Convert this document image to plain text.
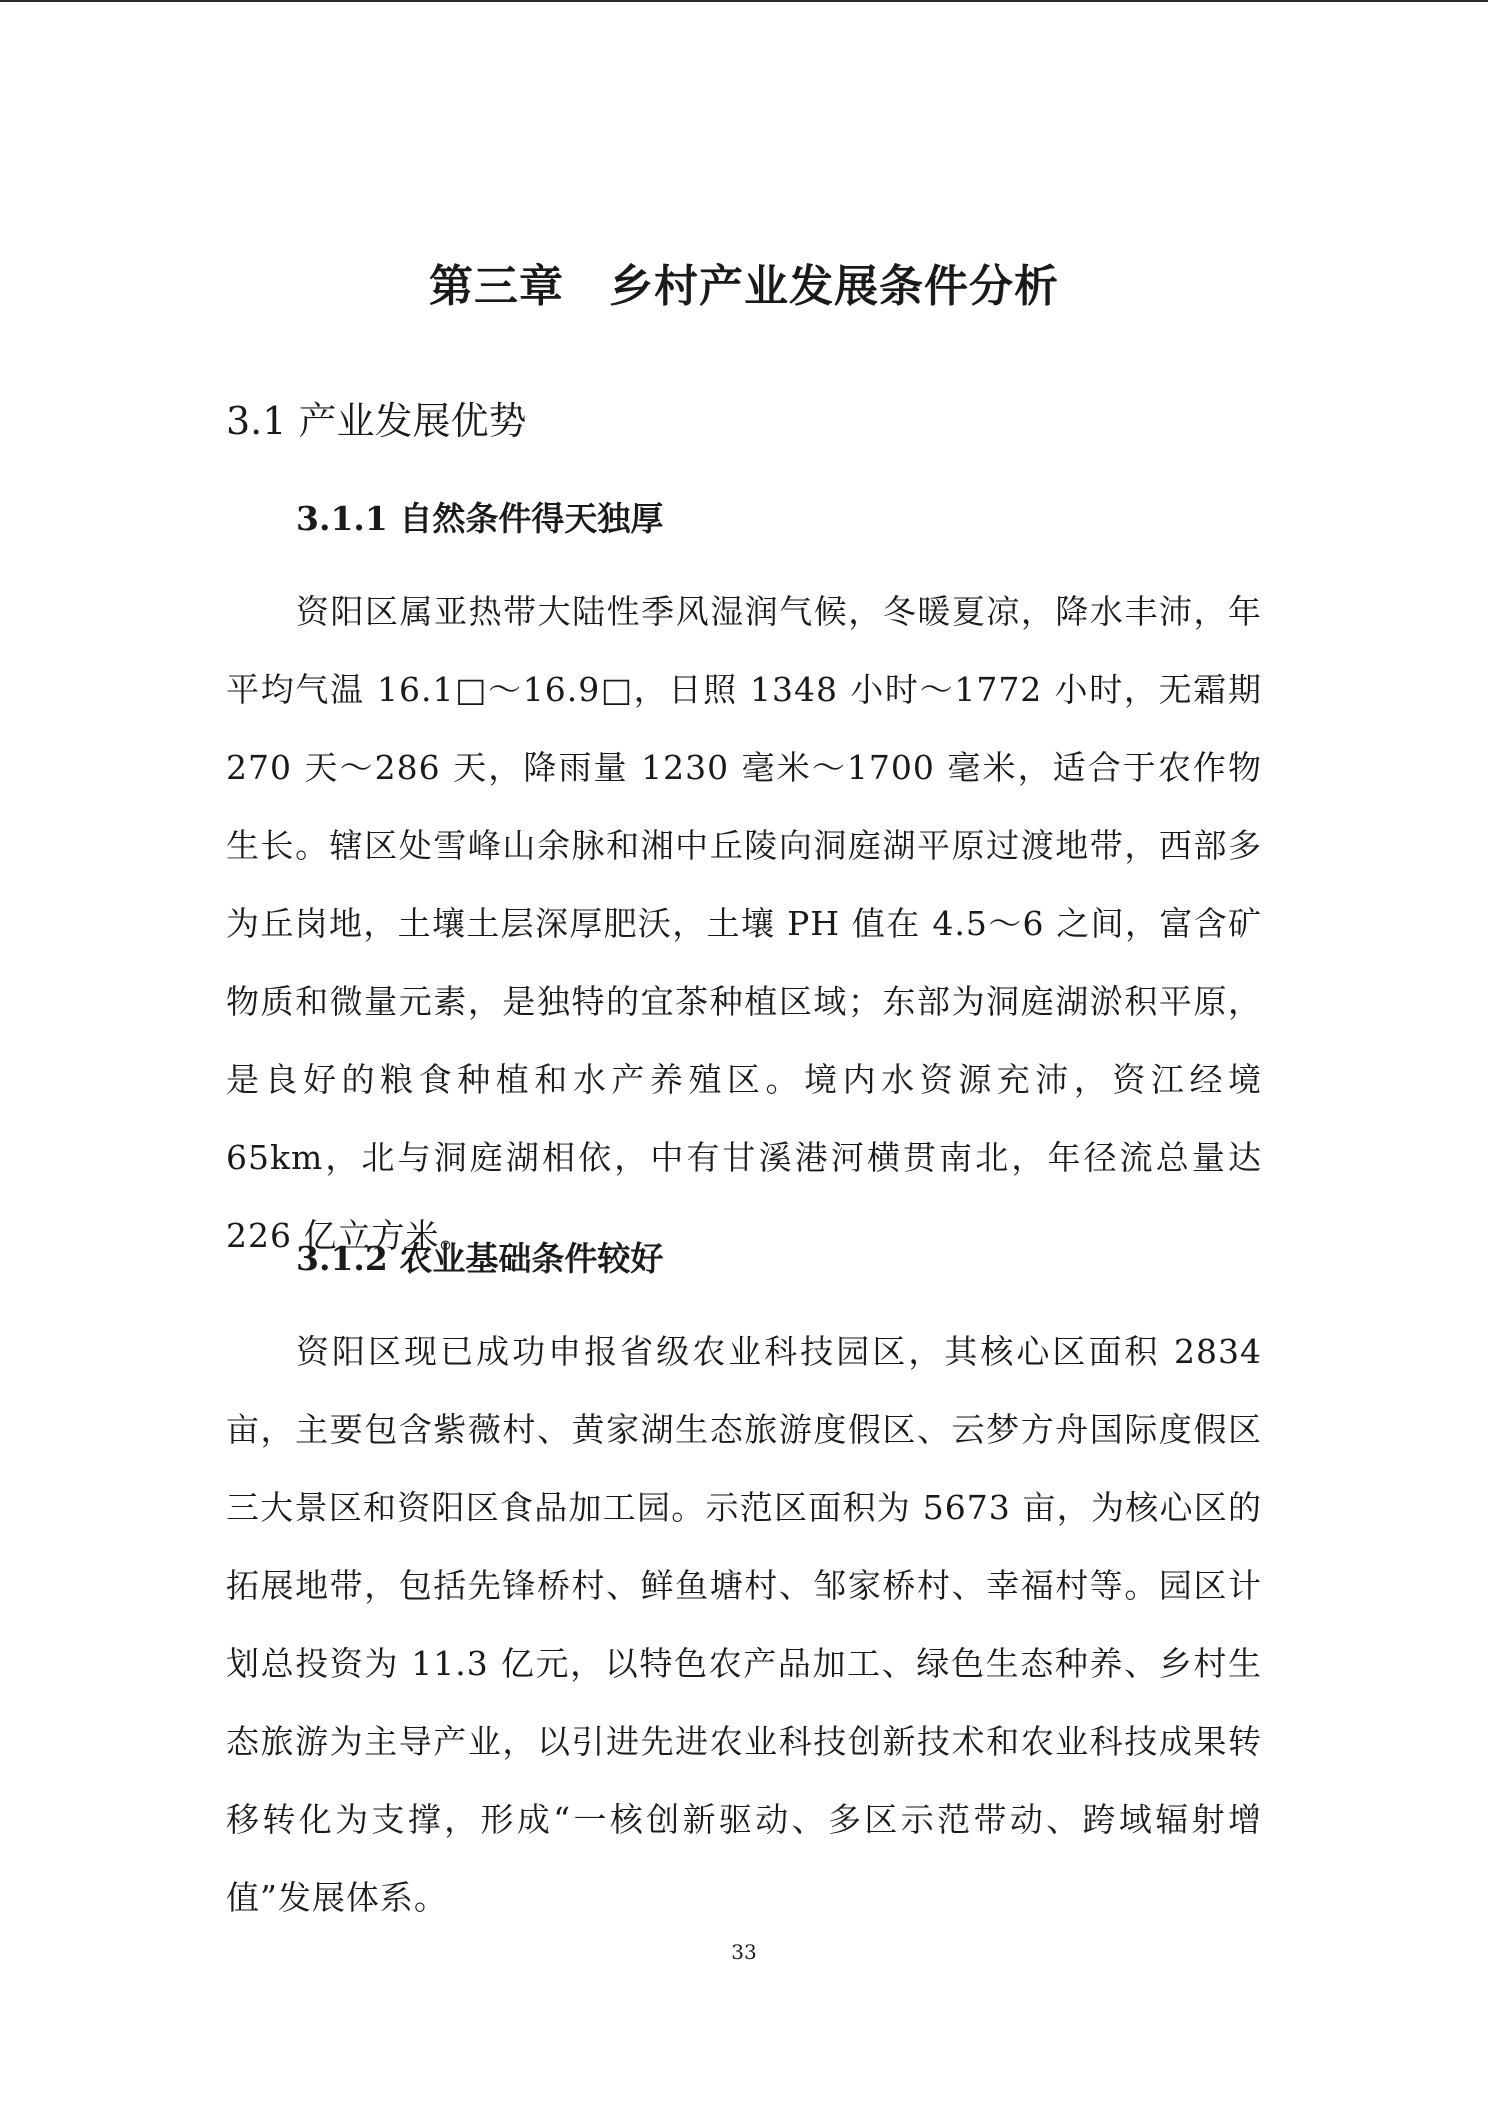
第三章　乡村产业发展条件分析
3.1 产业发展优势
3.1.1 自然条件得天独厚

资阳区属亚热带大陆性季风湿润气候，冬暖夏凉，降水丰沛，年平均气温 16.1□～16.9□，日照 1348 小时～1772 小时，无霜期 270 天～286 天，降雨量 1230 毫米～1700 毫米，适合于农作物生长。辖区处雪峰山余脉和湘中丘陵向洞庭湖平原过渡地带，西部多为丘岗地，土壤土层深厚肥沃，土壤 PH 值在 4.5～6 之间，富含矿物质和微量元素，是独特的宜茶种植区域；东部为洞庭湖淤积平原，是良好的粮食种植和水产养殖区。境内水资源充沛，资江经境 65km，北与洞庭湖相依，中有甘溪港河横贯南北，年径流总量达 226 亿立方米。

3.1.2 农业基础条件较好

资阳区现已成功申报省级农业科技园区，其核心区面积 2834 亩，主要包含紫薇村、黄家湖生态旅游度假区、云梦方舟国际度假区三大景区和资阳区食品加工园。示范区面积为 5673 亩，为核心区的拓展地带，包括先锋桥村、鲜鱼塘村、邹家桥村、幸福村等。园区计划总投资为 11.3 亿元，以特色农产品加工、绿色生态种养、乡村生态旅游为主导产业，以引进先进农业科技创新技术和农业科技成果转移转化为支撑，形成“一核创新驱动、多区示范带动、跨域辐射增值”发展体系。

33
